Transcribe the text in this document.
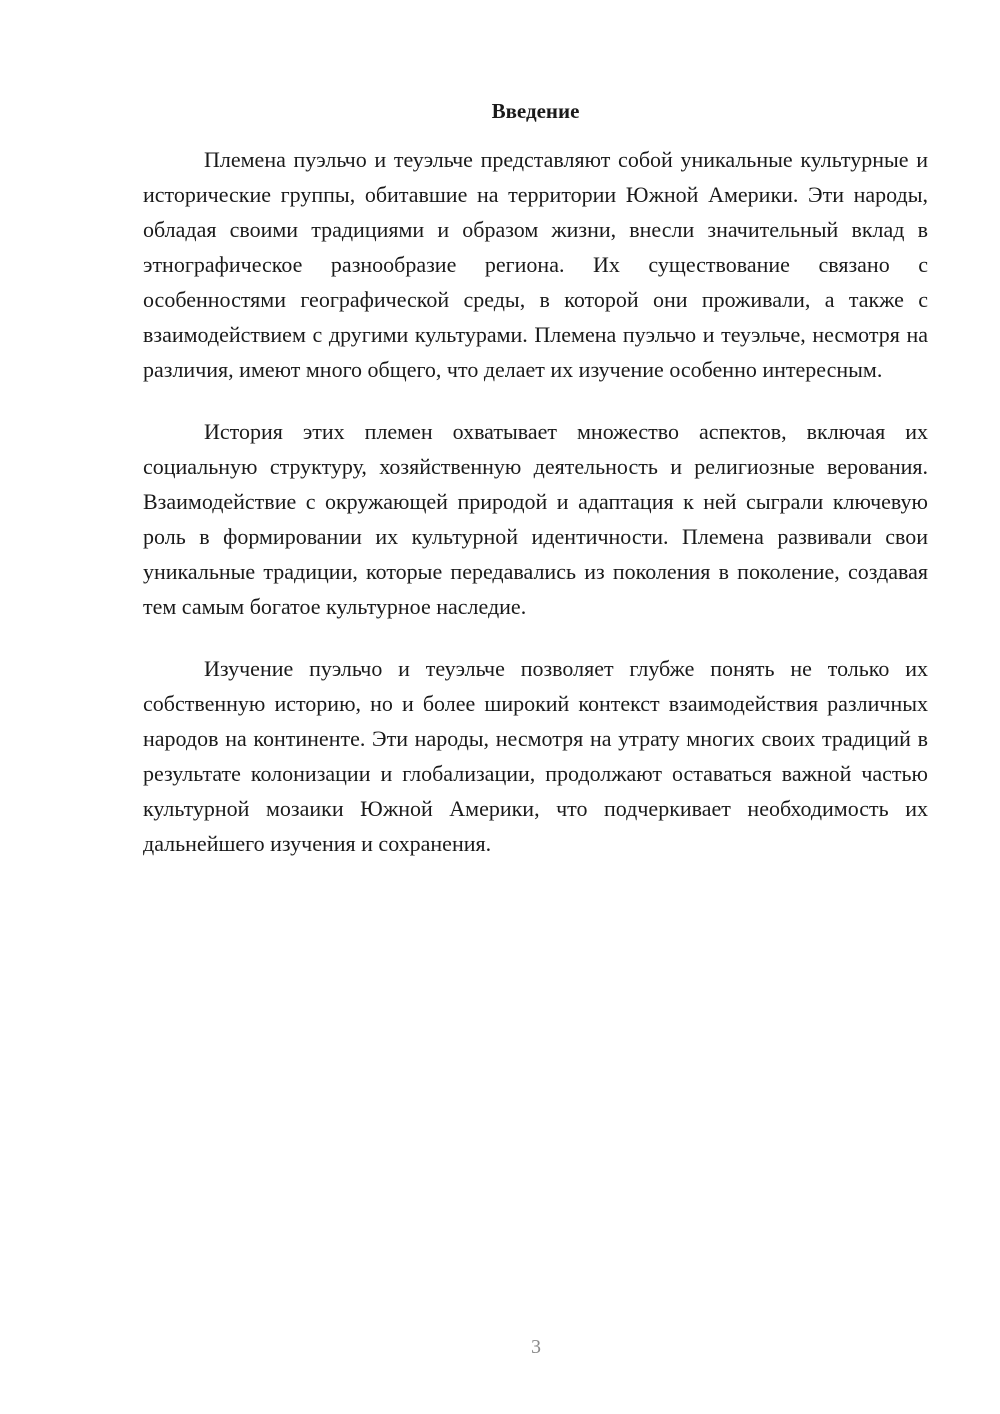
Введение

Племена пуэльчо и теуэльче представляют собой уникальные культурные и исторические группы, обитавшие на территории Южной Америки. Эти народы, обладая своими традициями и образом жизни, внесли значительный вклад в этнографическое разнообразие региона. Их существование связано с особенностями географической среды, в которой они проживали, а также с взаимодействием с другими культурами. Племена пуэльчо и теуэльче, несмотря на различия, имеют много общего, что делает их изучение особенно интересным.

История этих племен охватывает множество аспектов, включая их социальную структуру, хозяйственную деятельность и религиозные верования. Взаимодействие с окружающей природой и адаптация к ней сыграли ключевую роль в формировании их культурной идентичности. Племена развивали свои уникальные традиции, которые передавались из поколения в поколение, создавая тем самым богатое культурное наследие.

Изучение пуэльчо и теуэльче позволяет глубже понять не только их собственную историю, но и более широкий контекст взаимодействия различных народов на континенте. Эти народы, несмотря на утрату многих своих традиций в результате колонизации и глобализации, продолжают оставаться важной частью культурной мозаики Южной Америки, что подчеркивает необходимость их дальнейшего изучения и сохранения.

3
